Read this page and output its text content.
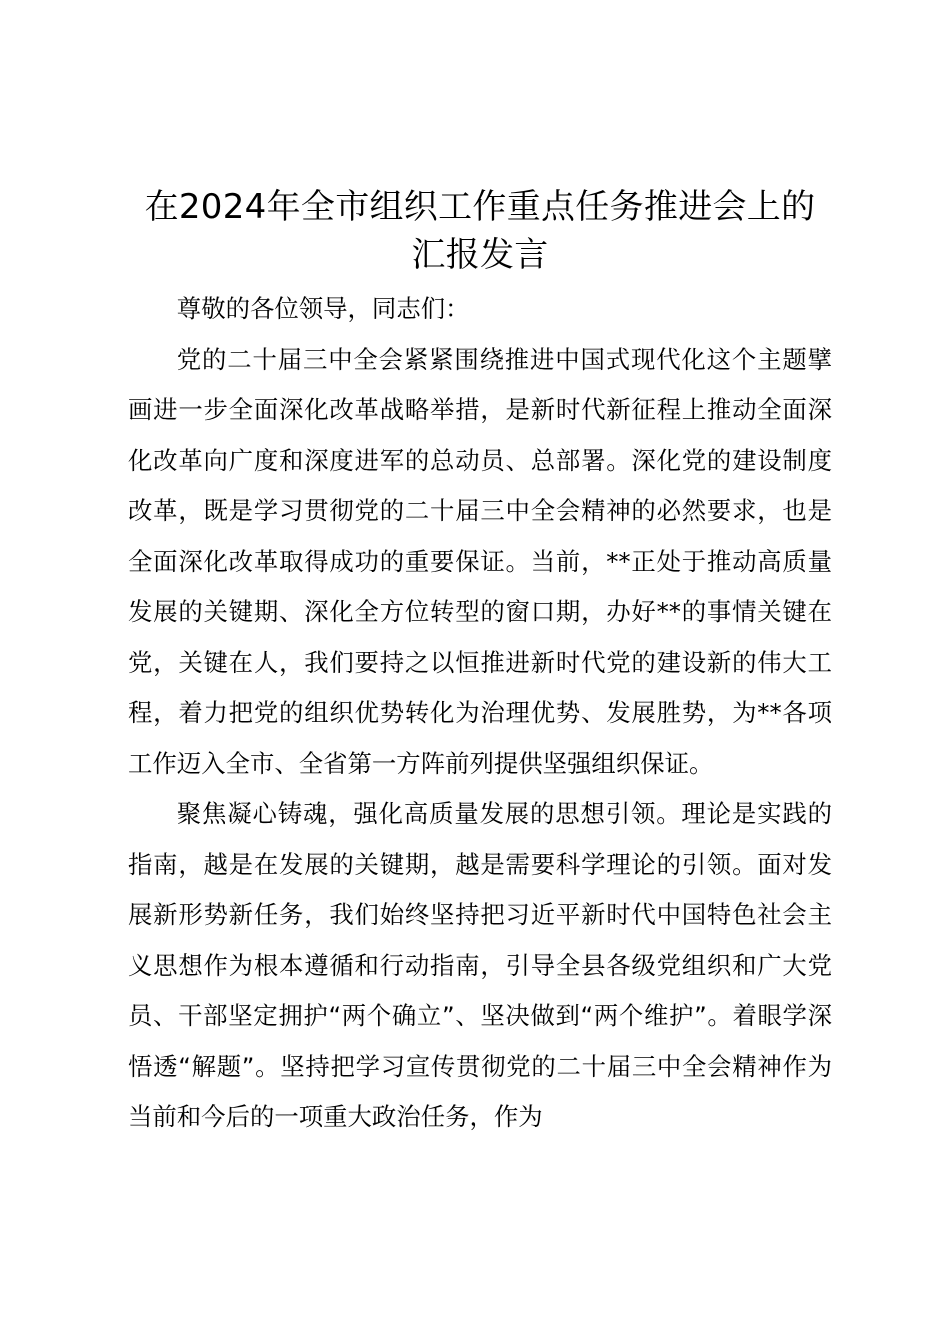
在2024年全市组织工作重点任务推进会上的汇报发言

尊敬的各位领导，同志们：

党的二十届三中全会紧紧围绕推进中国式现代化这个主题擘画进一步全面深化改革战略举措，是新时代新征程上推动全面深化改革向广度和深度进军的总动员、总部署。深化党的建设制度改革，既是学习贯彻党的二十届三中全会精神的必然要求，也是全面深化改革取得成功的重要保证。当前，**正处于推动高质量发展的关键期、深化全方位转型的窗口期，办好**的事情关键在党，关键在人，我们要持之以恒推进新时代党的建设新的伟大工程，着力把党的组织优势转化为治理优势、发展胜势，为**各项工作迈入全市、全省第一方阵前列提供坚强组织保证。

聚焦凝心铸魂，强化高质量发展的思想引领。理论是实践的指南，越是在发展的关键期，越是需要科学理论的引领。面对发展新形势新任务，我们始终坚持把习近平新时代中国特色社会主义思想作为根本遵循和行动指南，引导全县各级党组织和广大党员、干部坚定拥护“两个确立”、坚决做到“两个维护”。着眼学深悟透“解题”。坚持把学习宣传贯彻党的二十届三中全会精神作为当前和今后的一项重大政治任务，作为
